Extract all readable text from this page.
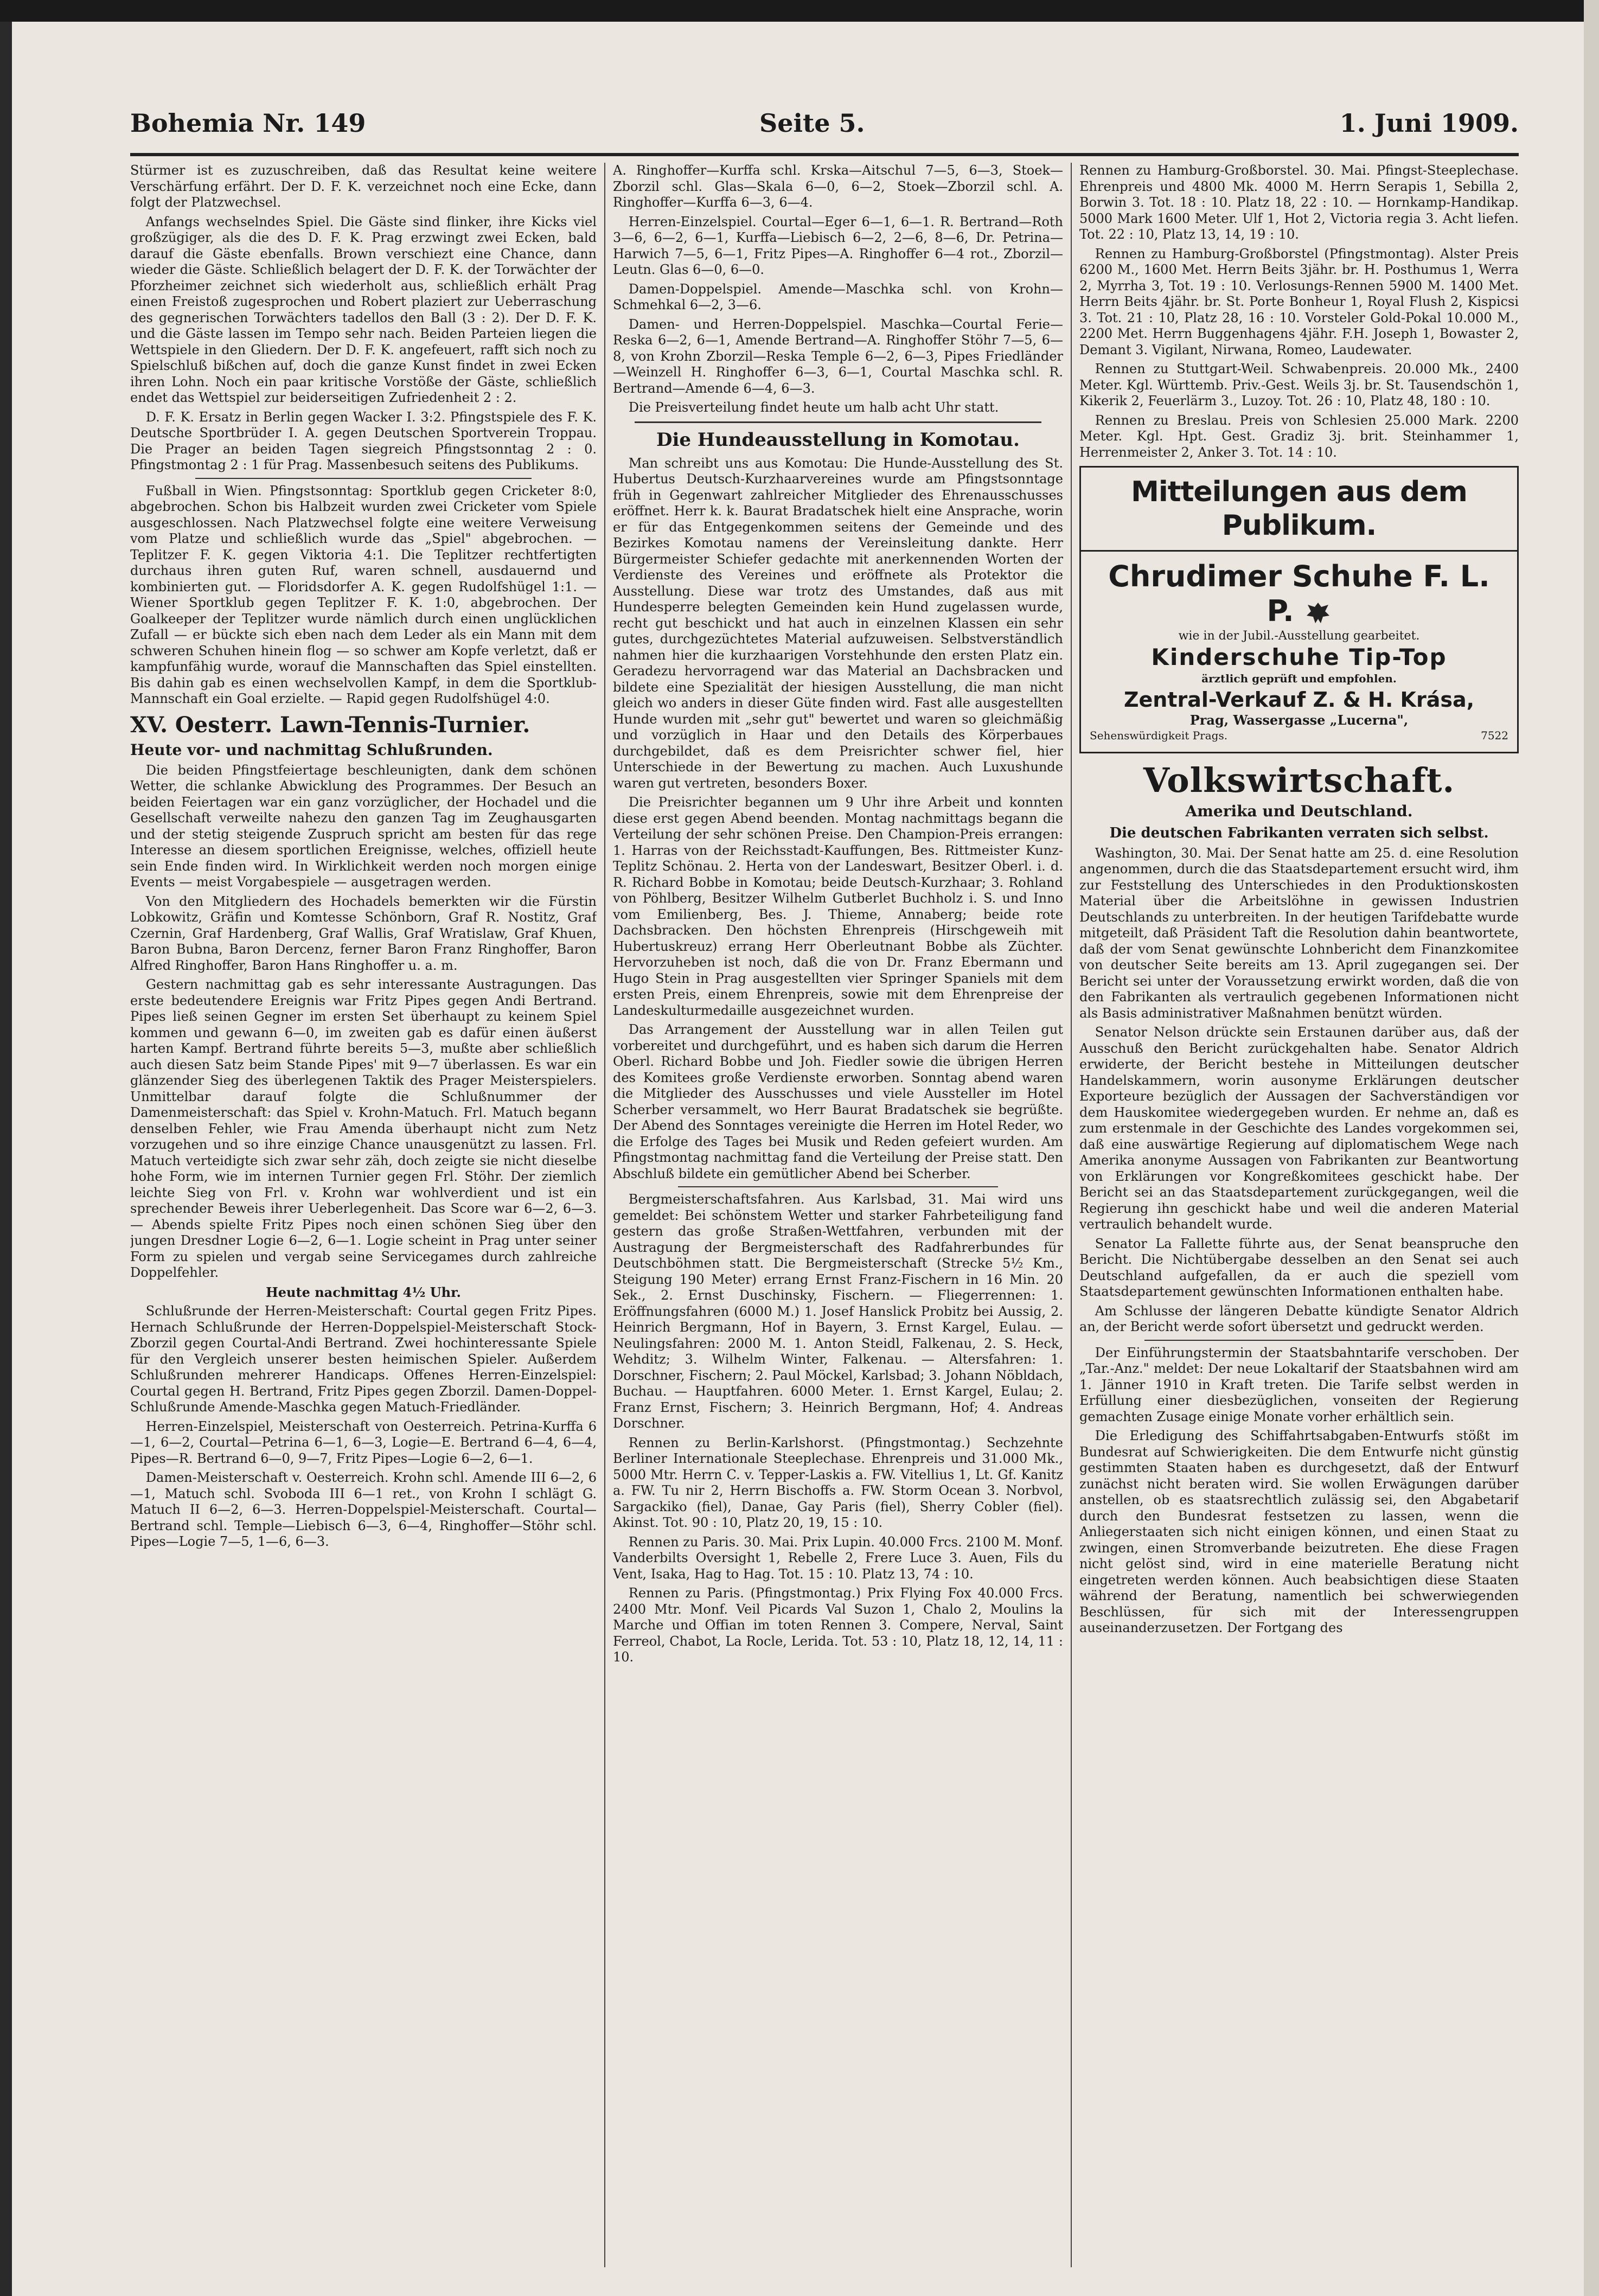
Bohemia Nr. 149	Seite 5.	1. Juni 1909.

Stürmer ist es zuzuschreiben, daß das Resultat keine weitere Verschärfung erfährt. Der D. F. K. verzeichnet noch eine Ecke, dann folgt der Platzwechsel.

Anfangs wechselndes Spiel. Die Gäste sind flinker, ihre Kicks viel großzügiger, als die des D. F. K. Prag erzwingt zwei Ecken, bald darauf die Gäste ebenfalls. Brown verschiezt eine Chance, dann wieder die Gäste. Schließlich belagert der D. F. K. der Torwächter der Pforzheimer zeichnet sich wiederholt aus, schließlich erhält Prag einen Freistoß zugesprochen und Robert plaziert zur Ueberraschung des gegnerischen Torwächters tadellos den Ball (3 : 2). Der D. F. K. und die Gäste lassen im Tempo sehr nach. Beiden Parteien liegen die Wettspiele in den Gliedern. Der D. F. K. angefeuert, rafft sich noch zu Spielschluß bißchen auf, doch die ganze Kunst findet in zwei Ecken ihren Lohn. Noch ein paar kritische Vorstöße der Gäste, schließlich endet das Wettspiel zur beiderseitigen Zufriedenheit 2 : 2.

D. F. K. Ersatz in Berlin gegen Wacker I. 3:2. Pfingstspiele des F. K. Deutsche Sportbrüder I. A. gegen Deutschen Sportverein Troppau. Die Prager an beiden Tagen siegreich Pfingstsonntag 2 : 0. Pfingstmontag 2 : 1 für Prag. Massenbesuch seitens des Publikums.

Fußball in Wien. Pfingstsonntag: Sportklub gegen Cricketer 8:0, abgebrochen. Schon bis Halbzeit wurden zwei Cricketer vom Spiele ausgeschlossen. Nach Platzwechsel folgte eine weitere Verweisung vom Platze und schließlich wurde das „Spiel" abgebrochen. — Teplitzer F. K. gegen Viktoria 4:1. Die Teplitzer rechtfertigten durchaus ihren guten Ruf, waren schnell, ausdauernd und kombinierten gut. — Floridsdorfer A. K. gegen Rudolfshügel 1:1. — Wiener Sportklub gegen Teplitzer F. K. 1:0, abgebrochen. Der Goalkeeper der Teplitzer wurde nämlich durch einen unglücklichen Zufall — er bückte sich eben nach dem Leder als ein Mann mit dem schweren Schuhen hinein flog — so schwer am Kopfe verletzt, daß er kampfunfähig wurde, worauf die Mannschaften das Spiel einstellten. Bis dahin gab es einen wechselvollen Kampf, in dem die Sportklub-Mannschaft ein Goal erzielte. — Rapid gegen Rudolfshügel 4:0.

XV. Oesterr. Lawn-Tennis-Turnier.
Heute vor- und nachmittag Schlußrunden.

Die beiden Pfingstfeiertage beschleunigten, dank dem schönen Wetter, die schlanke Abwicklung des Programmes. Der Besuch an beiden Feiertagen war ein ganz vorzüglicher, der Hochadel und die Gesellschaft verweilte nahezu den ganzen Tag im Zeughausgarten und der stetig steigende Zuspruch spricht am besten für das rege Interesse an diesem sportlichen Ereignisse, welches, offiziell heute sein Ende finden wird. In Wirklichkeit werden noch morgen einige Events — meist Vorgabespiele — ausgetragen werden.

Von den Mitgliedern des Hochadels bemerkten wir die Fürstin Lobkowitz, Gräfin und Komtesse Schönborn, Graf R. Nostitz, Graf Czernin, Graf Hardenberg, Graf Wallis, Graf Wratislaw, Graf Khuen, Baron Bubna, Baron Dercenz, ferner Baron Franz Ringhoffer, Baron Alfred Ringhoffer, Baron Hans Ringhoffer u. a. m.

Gestern nachmittag gab es sehr interessante Austragungen. Das erste bedeutendere Ereignis war Fritz Pipes gegen Andi Bertrand. Pipes ließ seinen Gegner im ersten Set überhaupt zu keinem Spiel kommen und gewann 6—0, im zweiten gab es dafür einen äußerst harten Kampf. Bertrand führte bereits 5—3, mußte aber schließlich auch diesen Satz beim Stande Pipes' mit 9—7 überlassen. Es war ein glänzender Sieg des überlegenen Taktik des Prager Meisterspielers. Unmittelbar darauf folgte die Schlußnummer der Damenmeisterschaft: das Spiel v. Krohn-Matuch. Frl. Matuch begann denselben Fehler, wie Frau Amenda überhaupt nicht zum Netz vorzugehen und so ihre einzige Chance unausgenützt zu lassen. Frl. Matuch verteidigte sich zwar sehr zäh, doch zeigte sie nicht dieselbe hohe Form, wie im internen Turnier gegen Frl. Stöhr. Der ziemlich leichte Sieg von Frl. v. Krohn war wohlverdient und ist ein sprechender Beweis ihrer Ueberlegenheit. Das Score war 6—2, 6—3. — Abends spielte Fritz Pipes noch einen schönen Sieg über den jungen Dresdner Logie 6—2, 6—1. Logie scheint in Prag unter seiner Form zu spielen und vergab seine Servicegames durch zahlreiche Doppelfehler.

Heute nachmittag 4½ Uhr.

Schlußrunde der Herren-Meisterschaft: Courtal gegen Fritz Pipes. Hernach Schlußrunde der Herren-Doppelspiel-Meisterschaft Stock-Zborzil gegen Courtal-Andi Bertrand. Zwei hochinteressante Spiele für den Vergleich unserer besten heimischen Spieler. Außerdem Schlußrunden mehrerer Handicaps. Offenes Herren-Einzelspiel: Courtal gegen H. Bertrand, Fritz Pipes gegen Zborzil. Damen-Doppel-Schlußrunde Amende-Maschka gegen Matuch-Friedländer.

Herren-Einzelspiel, Meisterschaft von Oesterreich. Petrina-Kurffa 6—1, 6—2, Courtal—Petrina 6—1, 6—3, Logie—E. Bertrand 6—4, 6—4, Pipes—R. Bertrand 6—0, 9—7, Fritz Pipes—Logie 6—2, 6—1.

Damen-Meisterschaft v. Oesterreich. Krohn schl. Amende III 6—2, 6—1, Matuch schl. Svoboda III 6—1 ret., von Krohn I schlägt G. Matuch II 6—2, 6—3. Herren-Doppelspiel-Meisterschaft. Courtal—Bertrand schl. Temple—Liebisch 6—3, 6—4, Ringhoffer—Stöhr schl. Pipes—Logie 7—5, 1—6, 6—3.

A. Ringhoffer—Kurffa schl. Krska—Aitschul 7—5, 6—3, Stoek—Zborzil schl. Glas—Skala 6—0, 6—2, Stoek—Zborzil schl. A. Ringhoffer—Kurffa 6—3, 6—4.

Herren-Einzelspiel. Courtal—Eger 6—1, 6—1. R. Bertrand—Roth 3—6, 6—2, 6—1, Kurffa—Liebisch 6—2, 2—6, 8—6, Dr. Petrina—Harwich 7—5, 6—1, Fritz Pipes—A. Ringhoffer 6—4 rot., Zborzil—Leutn. Glas 6—0, 6—0.

Damen-Doppelspiel. Amende—Maschka schl. von Krohn—Schmehkal 6—2, 3—6.

Damen- und Herren-Doppelspiel. Maschka—Courtal Ferie—Reska 6—2, 6—1, Amende Bertrand—A. Ringhoffer Stöhr 7—5, 6—8, von Krohn Zborzil—Reska Temple 6—2, 6—3, Pipes Friedländer—Weinzell H. Ringhoffer 6—3, 6—1, Courtal Maschka schl. R. Bertrand—Amende 6—4, 6—3.

Die Preisverteilung findet heute um halb acht Uhr statt.

Die Hundeausstellung in Komotau.

Man schreibt uns aus Komotau: Die Hunde-Ausstellung des St. Hubertus Deutsch-Kurzhaarvereines wurde am Pfingstsonntage früh in Gegenwart zahlreicher Mitglieder des Ehrenausschusses eröffnet. Herr k. k. Baurat Bradatschek hielt eine Ansprache, worin er für das Entgegenkommen seitens der Gemeinde und des Bezirkes Komotau namens der Vereinsleitung dankte. Herr Bürgermeister Schiefer gedachte mit anerkennenden Worten der Verdienste des Vereines und eröffnete als Protektor die Ausstellung. Diese war trotz des Umstandes, daß aus mit Hundesperre belegten Gemeinden kein Hund zugelassen wurde, recht gut beschickt und hat auch in einzelnen Klassen ein sehr gutes, durchgezüchtetes Material aufzuweisen. Selbstverständlich nahmen hier die kurzhaarigen Vorstehhunde den ersten Platz ein. Geradezu hervorragend war das Material an Dachsbracken und bildete eine Spezialität der hiesigen Ausstellung, die man nicht gleich wo anders in dieser Güte finden wird. Fast alle ausgestellten Hunde wurden mit „sehr gut" bewertet und waren so gleichmäßig und vorzüglich in Haar und den Details des Körperbaues durchgebildet, daß es dem Preisrichter schwer fiel, hier Unterschiede in der Bewertung zu machen. Auch Luxushunde waren gut vertreten, besonders Boxer.

Die Preisrichter begannen um 9 Uhr ihre Arbeit und konnten diese erst gegen Abend beenden. Montag nachmittags begann die Verteilung der sehr schönen Preise. Den Champion-Preis errangen: 1. Harras von der Reichsstadt-Kauffungen, Bes. Rittmeister Kunz-Teplitz Schönau. 2. Herta von der Landeswart, Besitzer Oberl. i. d. R. Richard Bobbe in Komotau; beide Deutsch-Kurzhaar; 3. Rohland von Pöhlberg, Besitzer Wilhelm Gutberlet Buchholz i. S. und Inno vom Emilienberg, Bes. J. Thieme, Annaberg; beide rote Dachsbracken. Den höchsten Ehrenpreis (Hirschgeweih mit Hubertuskreuz) errang Herr Oberleutnant Bobbe als Züchter. Hervorzuheben ist noch, daß die von Dr. Franz Ebermann und Hugo Stein in Prag ausgestellten vier Springer Spaniels mit dem ersten Preis, einem Ehrenpreis, sowie mit dem Ehrenpreise der Landeskulturmedaille ausgezeichnet wurden.

Das Arrangement der Ausstellung war in allen Teilen gut vorbereitet und durchgeführt, und es haben sich darum die Herren Oberl. Richard Bobbe und Joh. Fiedler sowie die übrigen Herren des Komitees große Verdienste erworben. Sonntag abend waren die Mitglieder des Ausschusses und viele Aussteller im Hotel Scherber versammelt, wo Herr Baurat Bradatschek sie begrüßte. Der Abend des Sonntages vereinigte die Herren im Hotel Reder, wo die Erfolge des Tages bei Musik und Reden gefeiert wurden. Am Pfingstmontag nachmittag fand die Verteilung der Preise statt. Den Abschluß bildete ein gemütlicher Abend bei Scherber.

Bergmeisterschaftsfahren. Aus Karlsbad, 31. Mai wird uns gemeldet: Bei schönstem Wetter und starker Fahrbeteiligung fand gestern das große Straßen-Wettfahren, verbunden mit der Austragung der Bergmeisterschaft des Radfahrerbundes für Deutschböhmen statt. Die Bergmeisterschaft (Strecke 5½ Km., Steigung 190 Meter) errang Ernst Franz-Fischern in 16 Min. 20 Sek., 2. Ernst Duschinsky, Fischern. — Fliegerrennen: 1. Eröffnungsfahren (6000 M.) 1. Josef Hanslick Probitz bei Aussig, 2. Heinrich Bergmann, Hof in Bayern, 3. Ernst Kargel, Eulau. — Neulingsfahren: 2000 M. 1. Anton Steidl, Falkenau, 2. S. Heck, Wehditz; 3. Wilhelm Winter, Falkenau. — Altersfahren: 1. Dorschner, Fischern; 2. Paul Möckel, Karlsbad; 3. Johann Nöbldach, Buchau. — Hauptfahren. 6000 Meter. 1. Ernst Kargel, Eulau; 2. Franz Ernst, Fischern; 3. Heinrich Bergmann, Hof; 4. Andreas Dorschner.

Rennen zu Berlin-Karlshorst. (Pfingstmontag.) Sechzehnte Berliner Internationale Steeplechase. Ehrenpreis und 31.000 Mk., 5000 Mtr. Herrn C. v. Tepper-Laskis a. FW. Vitellius 1, Lt. Gf. Kanitz a. FW. Tu nir 2, Herrn Bischoffs a. FW. Storm Ocean 3. Norbvol, Sargackiko (fiel), Danae, Gay Paris (fiel), Sherry Cobler (fiel). Akinst. Tot. 90 : 10, Platz 20, 19, 15 : 10.

Rennen zu Paris. 30. Mai. Prix Lupin. 40.000 Frcs. 2100 M. Monf. Vanderbilts Oversight 1, Rebelle 2, Frere Luce 3. Auen, Fils du Vent, Isaka, Hag to Hag. Tot. 15 : 10. Platz 13, 74 : 10.

Rennen zu Paris. (Pfingstmontag.) Prix Flying Fox 40.000 Frcs. 2400 Mtr. Monf. Veil Picards Val Suzon 1, Chalo 2, Moulins la Marche und Offian im toten Rennen 3. Compere, Nerval, Saint Ferreol, Chabot, La Rocle, Lerida. Tot. 53 : 10, Platz 18, 12, 14, 11 : 10.

Rennen zu Hamburg-Großborstel. 30. Mai. Pfingst-Steeplechase. Ehrenpreis und 4800 Mk. 4000 M. Herrn Serapis 1, Sebilla 2, Borwin 3. Tot. 18 : 10. Platz 18, 22 : 10. — Hornkamp-Handikap. 5000 Mark 1600 Meter. Ulf 1, Hot 2, Victoria regia 3. Acht liefen. Tot. 22 : 10, Platz 13, 14, 19 : 10.

Rennen zu Hamburg-Großborstel (Pfingstmontag). Alster Preis 6200 M., 1600 Met. Herrn Beits 3jähr. br. H. Posthumus 1, Werra 2, Myrrha 3, Tot. 19 : 10. Verlosungs-Rennen 5900 M. 1400 Met. Herrn Beits 4jähr. br. St. Porte Bonheur 1, Royal Flush 2, Kispicsi 3. Tot. 21 : 10, Platz 28, 16 : 10. Vorsteler Gold-Pokal 10.000 M., 2200 Met. Herrn Buggenhagens 4jähr. F.H. Joseph 1, Bowaster 2, Demant 3. Vigilant, Nirwana, Romeo, Laudewater.

Rennen zu Stuttgart-Weil. Schwabenpreis. 20.000 Mk., 2400 Meter. Kgl. Württemb. Priv.-Gest. Weils 3j. br. St. Tausendschön 1, Kikerik 2, Feuerlärm 3., Luzoy. Tot. 26 : 10, Platz 48, 180 : 10.

Rennen zu Breslau. Preis von Schlesien 25.000 Mark. 2200 Meter. Kgl. Hpt. Gest. Gradiz 3j. brit. Steinhammer 1, Herrenmeister 2, Anker 3. Tot. 14 : 10.

Mitteilungen aus dem Publikum.
Chrudimer Schuhe F. L. P.
wie in der Jubil.-Ausstellung gearbeitet.
Kinderschuhe Tip-Top
ärztlich geprüft und empfohlen.
Zentral-Verkauf Z. & H. Krása,
Prag, Wassergasse „Lucerna",
Sehenswürdigkeit Prags.	7522
Volkswirtschaft.
Amerika und Deutschland.
Die deutschen Fabrikanten verraten sich selbst.

Washington, 30. Mai. Der Senat hatte am 25. d. eine Resolution angenommen, durch die das Staatsdepartement ersucht wird, ihm zur Feststellung des Unterschiedes in den Produktionskosten Material über die Arbeitslöhne in gewissen Industrien Deutschlands zu unterbreiten. In der heutigen Tarifdebatte wurde mitgeteilt, daß Präsident Taft die Resolution dahin beantwortete, daß der vom Senat gewünschte Lohnbericht dem Finanzkomitee von deutscher Seite bereits am 13. April zugegangen sei. Der Bericht sei unter der Voraussetzung erwirkt worden, daß die von den Fabrikanten als vertraulich gegebenen Informationen nicht als Basis administrativer Maßnahmen benützt würden.

Senator Nelson drückte sein Erstaunen darüber aus, daß der Ausschuß den Bericht zurückgehalten habe. Senator Aldrich erwiderte, der Bericht bestehe in Mitteilungen deutscher Handelskammern, worin ausonyme Erklärungen deutscher Exporteure bezüglich der Aussagen der Sachverständigen vor dem Hauskomitee wiedergegeben wurden. Er nehme an, daß es zum erstenmale in der Geschichte des Landes vorgekommen sei, daß eine auswärtige Regierung auf diplomatischem Wege nach Amerika anonyme Aussagen von Fabrikanten zur Beantwortung von Erklärungen vor Kongreßkomitees geschickt habe. Der Bericht sei an das Staatsdepartement zurückgegangen, weil die Regierung ihn geschickt habe und weil die anderen Material vertraulich behandelt wurde.

Senator La Fallette führte aus, der Senat beanspruche den Bericht. Die Nichtübergabe desselben an den Senat sei auch Deutschland aufgefallen, da er auch die speziell vom Staatsdepartement gewünschten Informationen enthalten habe.

Am Schlusse der längeren Debatte kündigte Senator Aldrich an, der Bericht werde sofort übersetzt und gedruckt werden.

Der Einführungstermin der Staatsbahntarife verschoben. Der „Tar.-Anz." meldet: Der neue Lokaltarif der Staatsbahnen wird am 1. Jänner 1910 in Kraft treten. Die Tarife selbst werden in Erfüllung einer diesbezüglichen, vonseiten der Regierung gemachten Zusage einige Monate vorher erhältlich sein.

Die Erledigung des Schiffahrtsabgaben-Entwurfs stößt im Bundesrat auf Schwierigkeiten. Die dem Entwurfe nicht günstig gestimmten Staaten haben es durchgesetzt, daß der Entwurf zunächst nicht beraten wird. Sie wollen Erwägungen darüber anstellen, ob es staatsrechtlich zulässig sei, den Abgabetarif durch den Bundesrat festsetzen zu lassen, wenn die Anliegerstaaten sich nicht einigen können, und einen Staat zu zwingen, einen Stromverbande beizutreten. Ehe diese Fragen nicht gelöst sind, wird in eine materielle Beratung nicht eingetreten werden können. Auch beabsichtigen diese Staaten während der Beratung, namentlich bei schwerwiegenden Beschlüssen, für sich mit der Interessengruppen auseinanderzusetzen. Der Fortgang des
